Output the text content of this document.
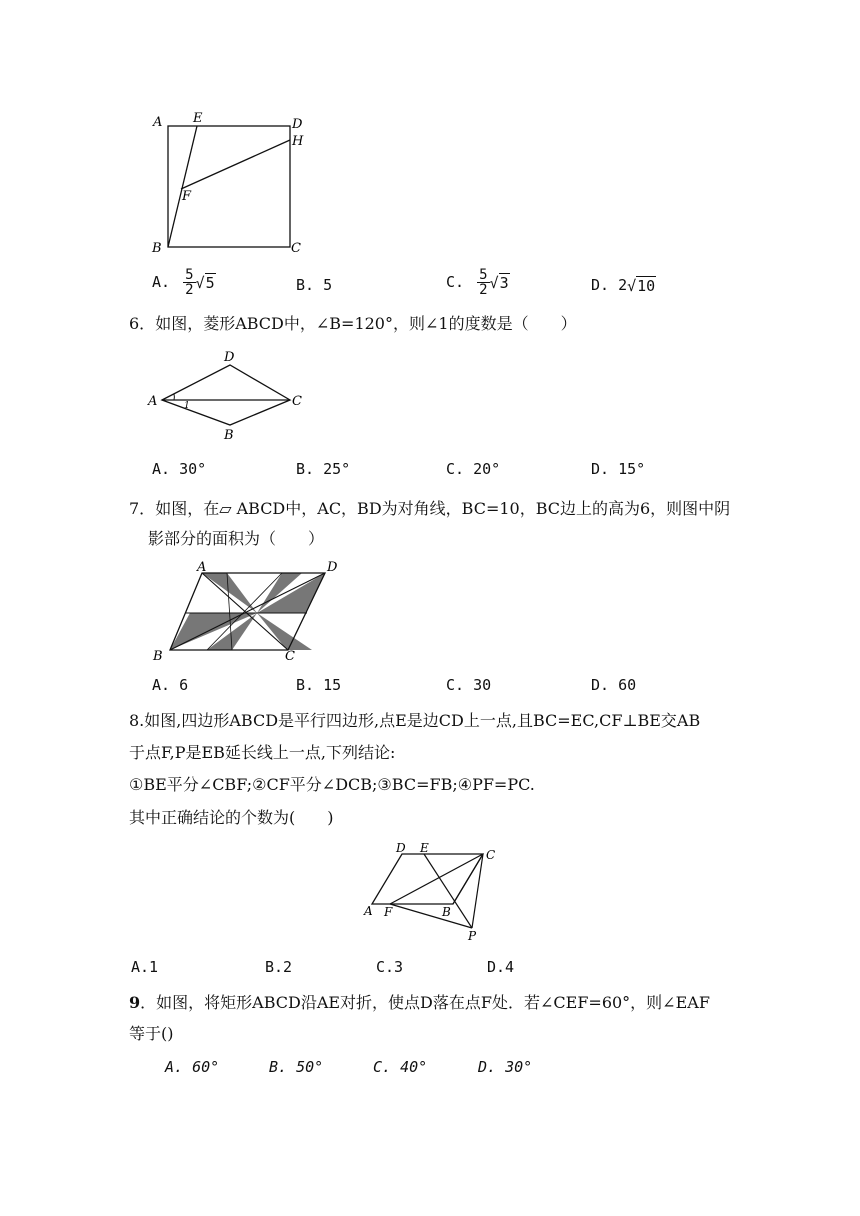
A E	D
H
F
B	C
A. $\frac{5}{2} √5$	B. 5	C. $\frac{5}{2} √3$	D. 2√10
6．如图，菱形ABCD中，∠B=120°，则∠1的度数是（　　）
1
A
D
C
B
A. 30°	B. 25°	C. 20°	D. 15°
7．如图，在▱ ABCD中，AC，BD为对角线，BC=10，BC边上的高为6，则图中阴
影部分的面积为（　　）
A	D
B	C
A. 6	B. 15	C. 30	D. 60
8.如图,四边形ABCD是平行四边形,点E是边CD上一点,且BC=EC,CF⊥BE交AB
于点F,P是EB延长线上一点,下列结论:
①BE平分∠CBF;②CF平分∠DCB;③BC=FB;④PF=PC.
其中正确结论的个数为(　　)
D E	C
A F	B
P
A.1	B.2	C.3	D.4
9．如图，将矩形ABCD沿AE对折，使点D落在点F处．若∠CEF=60°，则∠EAF
等于()
A. 60°	B. 50°	C. 40°	D. 30°
